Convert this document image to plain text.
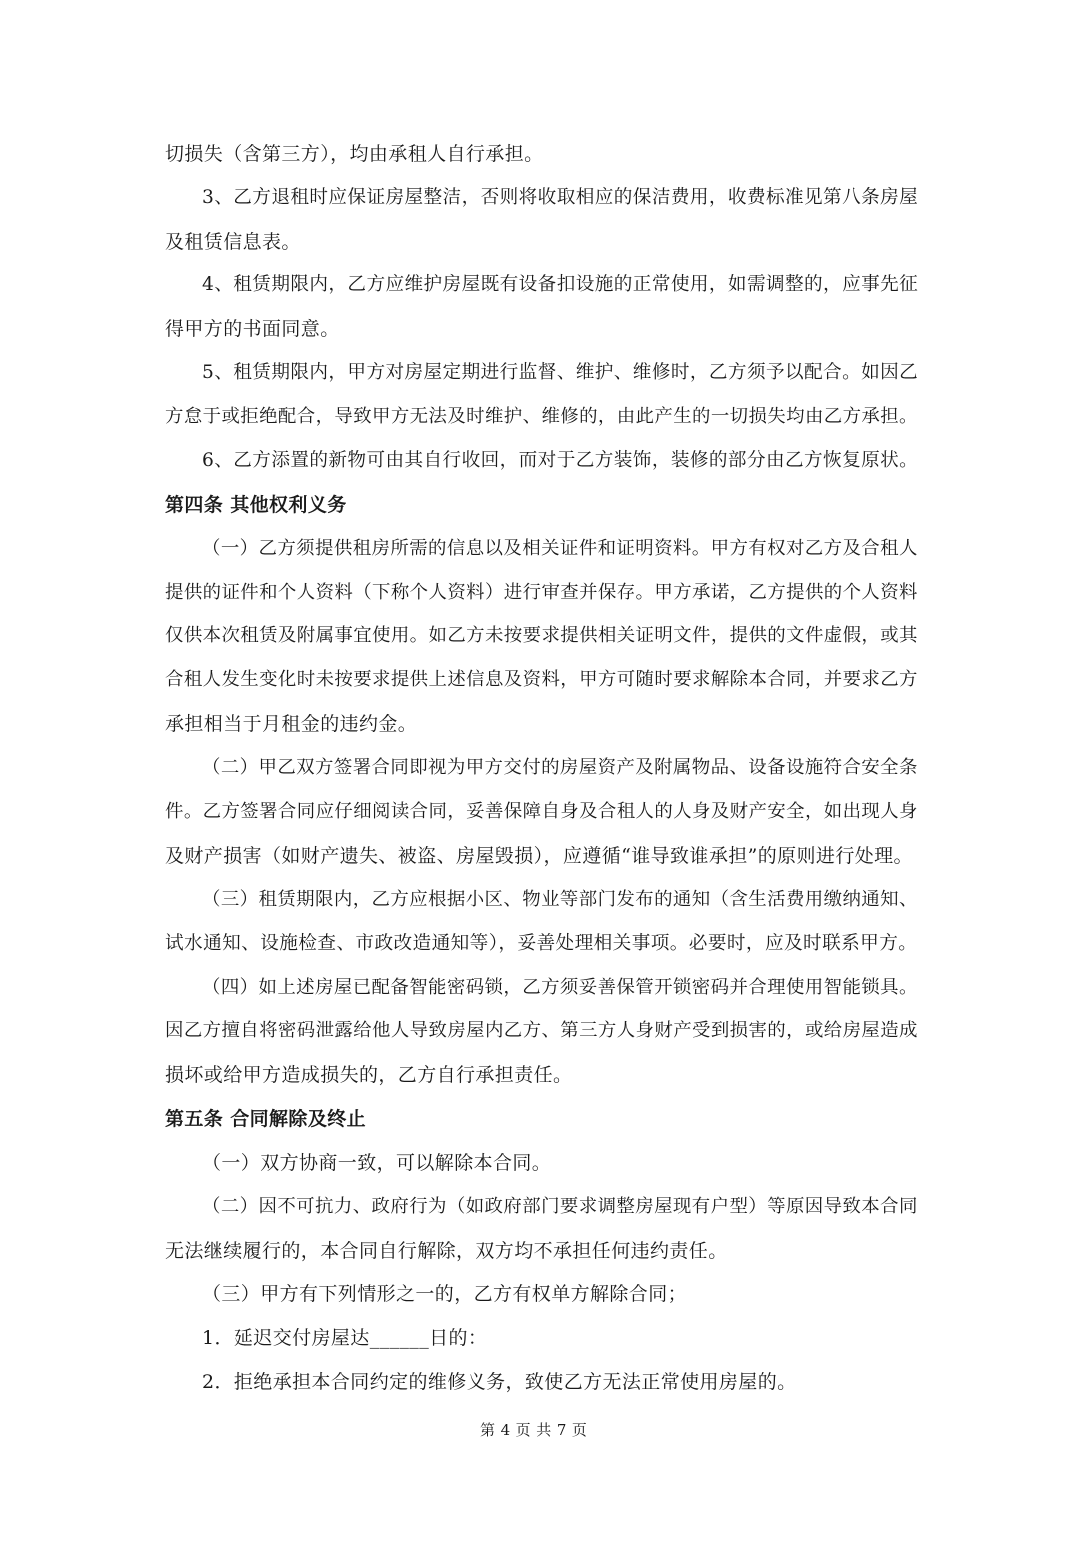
切损失（含第三方），均由承租人自行承担。
3、乙方退租时应保证房屋整洁，否则将收取相应的保洁费用，收费标准见第八条房屋
及租赁信息表。
4、租赁期限内，乙方应维护房屋既有设备扣设施的正常使用，如需调整的，应事先征
得甲方的书面同意。
5、租赁期限内，甲方对房屋定期进行监督、维护、维修时，乙方须予以配合。如因乙
方怠于或拒绝配合，导致甲方无法及时维护、维修的，由此产生的一切损失均由乙方承担。
6、乙方添置的新物可由其自行收回，而对于乙方装饰，装修的部分由乙方恢复原状。
第四条 其他权利义务
（一）乙方须提供租房所需的信息以及相关证件和证明资料。甲方有权对乙方及合租人
提供的证件和个人资料（下称个人资料）进行审查并保存。甲方承诺，乙方提供的个人资料
仅供本次租赁及附属事宜使用。如乙方未按要求提供相关证明文件，提供的文件虚假，或其
合租人发生变化时未按要求提供上述信息及资料，甲方可随时要求解除本合同，并要求乙方
承担相当于月租金的违约金。
（二）甲乙双方签署合同即视为甲方交付的房屋资产及附属物品、设备设施符合安全条
件。乙方签署合同应仔细阅读合同，妥善保障自身及合租人的人身及财产安全，如出现人身
及财产损害（如财产遗失、被盗、房屋毁损），应遵循“谁导致谁承担”的原则进行处理。
（三）租赁期限内，乙方应根据小区、物业等部门发布的通知（含生活费用缴纳通知、
试水通知、设施检查、市政改造通知等），妥善处理相关事项。必要时，应及时联系甲方。
（四）如上述房屋已配备智能密码锁，乙方须妥善保管开锁密码并合理使用智能锁具。
因乙方擅自将密码泄露给他人导致房屋内乙方、第三方人身财产受到损害的，或给房屋造成
损坏或给甲方造成损失的，乙方自行承担责任。
第五条 合同解除及终止
（一）双方协商一致，可以解除本合同。
（二）因不可抗力、政府行为（如政府部门要求调整房屋现有户型）等原因导致本合同
无法继续履行的，本合同自行解除，双方均不承担任何违约责任。
（三）甲方有下列情形之一的，乙方有权单方解除合同；
1．延迟交付房屋达______日的：
2．拒绝承担本合同约定的维修义务，致使乙方无法正常使用房屋的。
第 4 页 共 7 页
